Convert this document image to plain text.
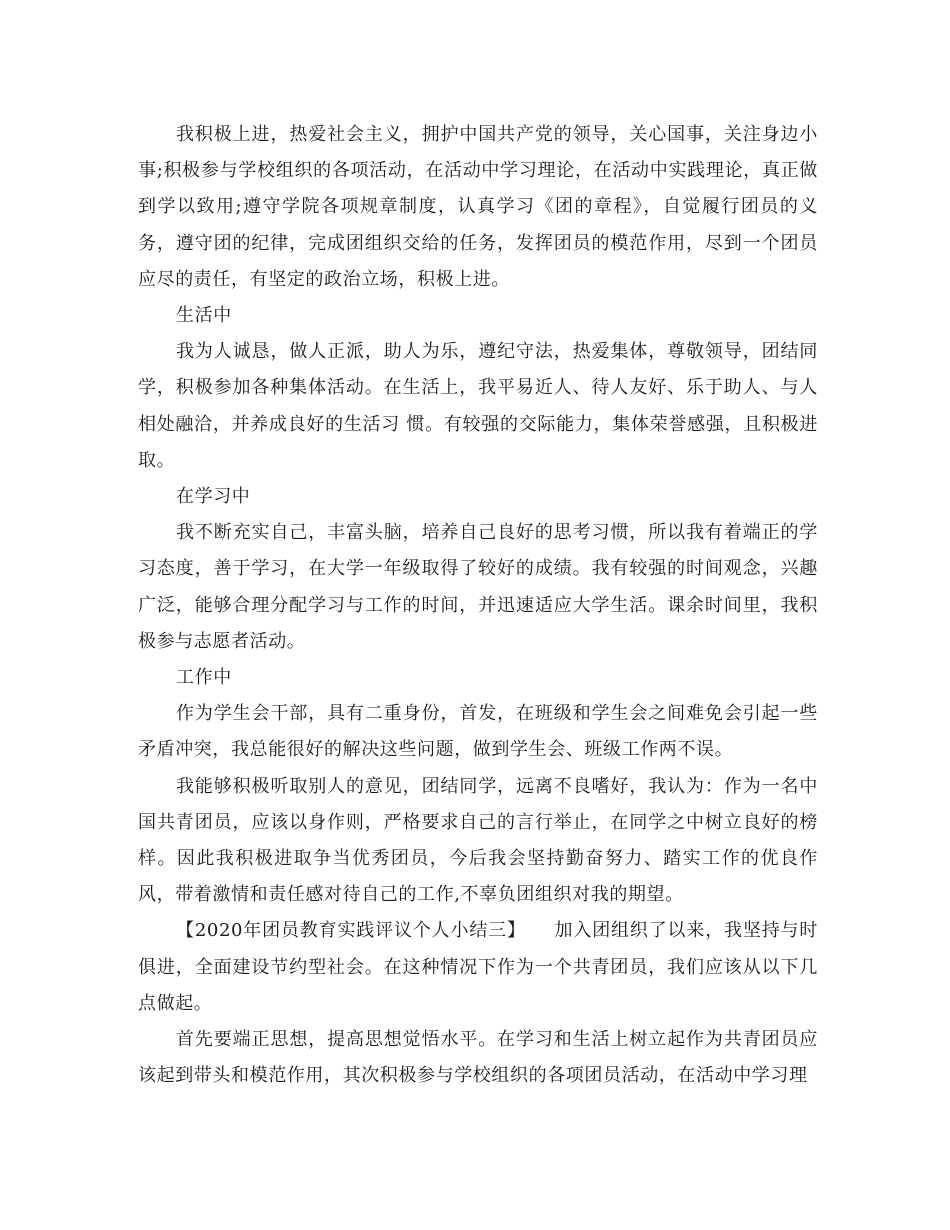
我积极上进，热爱社会主义，拥护中国共产党的领导，关心国事，关注身边小事;积极参与学校组织的各项活动，在活动中学习理论，在活动中实践理论，真正做到学以致用;遵守学院各项规章制度，认真学习《团的章程》，自觉履行团员的义务，遵守团的纪律，完成团组织交给的任务，发挥团员的模范作用，尽到一个团员应尽的责任，有坚定的政治立场，积极上进。

生活中

我为人诚恳，做人正派，助人为乐，遵纪守法，热爱集体，尊敬领导，团结同学，积极参加各种集体活动。在生活上，我平易近人、待人友好、乐于助人、与人相处融洽，并养成良好的生活习 惯。有较强的交际能力，集体荣誉感强，且积极进取。

在学习中

我不断充实自己，丰富头脑，培养自己良好的思考习惯，所以我有着端正的学习态度，善于学习，在大学一年级取得了较好的成绩。我有较强的时间观念，兴趣广泛，能够合理分配学习与工作的时间，并迅速适应大学生活。课余时间里，我积极参与志愿者活动。

工作中

作为学生会干部，具有二重身份，首发，在班级和学生会之间难免会引起一些矛盾冲突，我总能很好的解决这些问题，做到学生会、班级工作两不误。

我能够积极听取别人的意见，团结同学，远离不良嗜好，我认为：作为一名中国共青团员，应该以身作则，严格要求自己的言行举止，在同学之中树立良好的榜样。因此我积极进取争当优秀团员，今后我会坚持勤奋努力、踏实工作的优良作风，带着激情和责任感对待自己的工作,不辜负团组织对我的期望。

【2020年团员教育实践评议个人小结三】　　加入团组织了以来，我坚持与时俱进，全面建设节约型社会。在这种情况下作为一个共青团员，我们应该从以下几点做起。

首先要端正思想，提高思想觉悟水平。在学习和生活上树立起作为共青团员应该起到带头和模范作用，其次积极参与学校组织的各项团员活动，在活动中学习理
